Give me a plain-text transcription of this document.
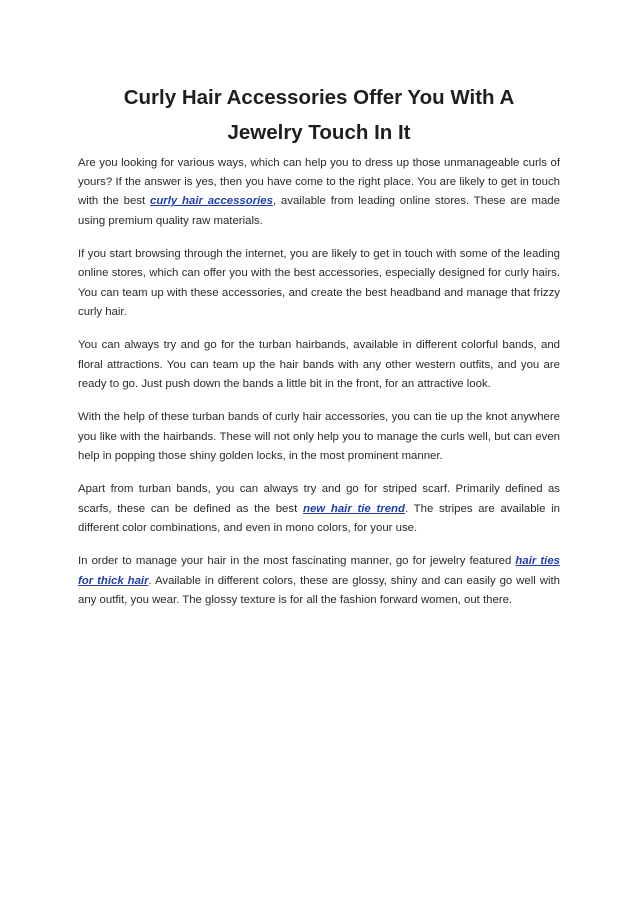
Curly Hair Accessories Offer You With A
Jewelry Touch In It

Are you looking for various ways, which can help you to dress up those unmanageable curls of yours? If the answer is yes, then you have come to the right place. You are likely to get in touch with the best curly hair accessories, available from leading online stores. These are made using premium quality raw materials.

If you start browsing through the internet, you are likely to get in touch with some of the leading online stores, which can offer you with the best accessories, especially designed for curly hairs. You can team up with these accessories, and create the best headband and manage that frizzy curly hair.

You can always try and go for the turban hairbands, available in different colorful bands, and floral attractions. You can team up the hair bands with any other western outfits, and you are ready to go. Just push down the bands a little bit in the front, for an attractive look.

With the help of these turban bands of curly hair accessories, you can tie up the knot anywhere you like with the hairbands. These will not only help you to manage the curls well, but can even help in popping those shiny golden locks, in the most prominent manner.

Apart from turban bands, you can always try and go for striped scarf. Primarily defined as scarfs, these can be defined as the best new hair tie trend. The stripes are available in different color combinations, and even in mono colors, for your use.

In order to manage your hair in the most fascinating manner, go for jewelry featured hair ties for thick hair. Available in different colors, these are glossy, shiny and can easily go well with any outfit, you wear. The glossy texture is for all the fashion forward women, out there.
